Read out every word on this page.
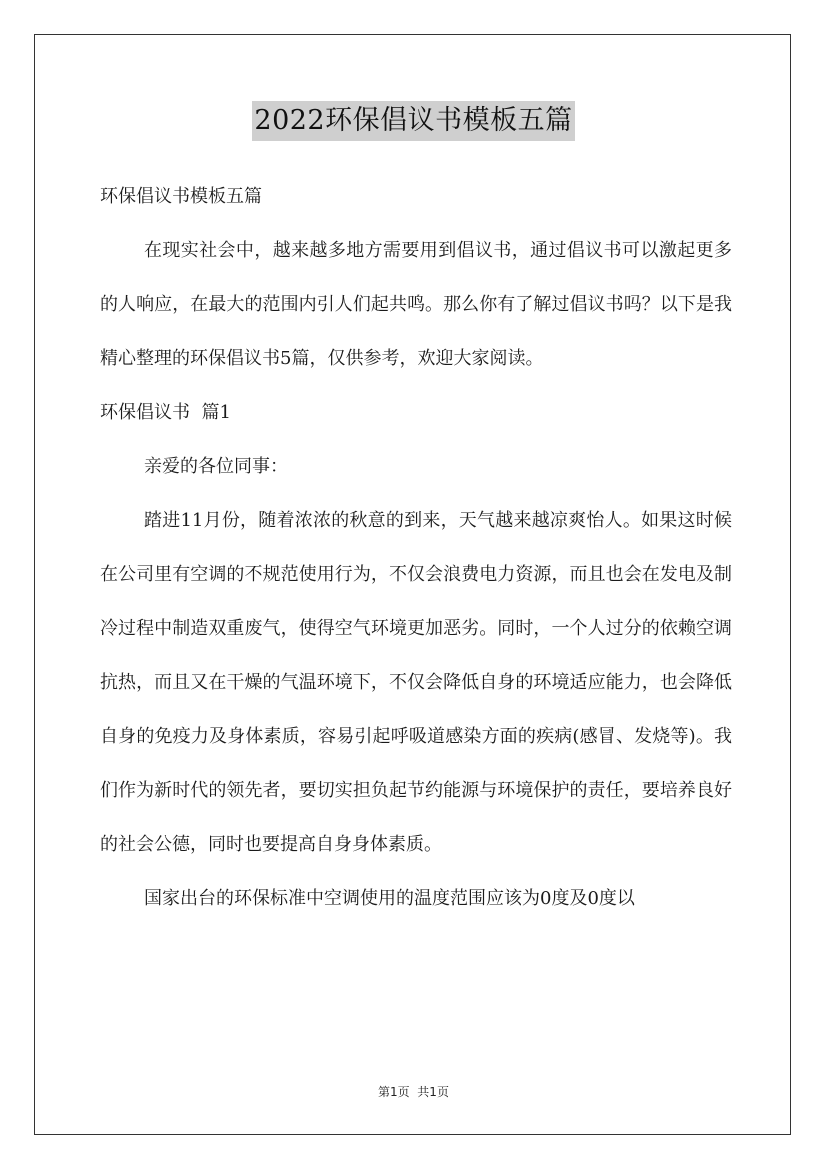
2022环保倡议书模板五篇

环保倡议书模板五篇

在现实社会中，越来越多地方需要用到倡议书，通过倡议书可以激起更多的人响应，在最大的范围内引人们起共鸣。那么你有了解过倡议书吗？以下是我精心整理的环保倡议书5篇，仅供参考，欢迎大家阅读。

环保倡议书  篇1

亲爱的各位同事：

踏进11月份，随着浓浓的秋意的到来，天气越来越凉爽怡人。如果这时候在公司里有空调的不规范使用行为，不仅会浪费电力资源，而且也会在发电及制冷过程中制造双重废气，使得空气环境更加恶劣。同时，一个人过分的依赖空调抗热，而且又在干燥的气温环境下，不仅会降低自身的环境适应能力，也会降低自身的免疫力及身体素质，容易引起呼吸道感染方面的疾病(感冒、发烧等)。我们作为新时代的领先者，要切实担负起节约能源与环境保护的责任，要培养良好的社会公德，同时也要提高自身身体素质。

国家出台的环保标准中空调使用的温度范围应该为0度及0度以

第1页  共1页
